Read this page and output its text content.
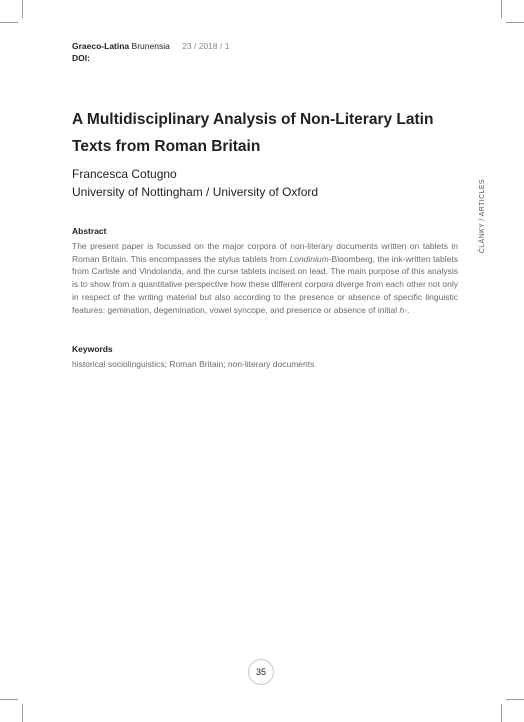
Graeco-Latina Brunensia 23 / 2018 / 1
DOI:
A Multidisciplinary Analysis of Non-Literary Latin Texts from Roman Britain
Francesca Cotugno
University of Nottingham / University of Oxford	ČLÁNKY / ARTICLES
Abstract
The present paper is focussed on the major corpora of non-literary documents written on tablets in Roman Britain. This encompasses the stylus tablets from Londinium-Bloomberg, the ink-written tablets from Carlisle and Vindolanda, and the curse tablets incised on lead. The main purpose of this analysis is to show from a quantitative perspective how these different corpora diverge from each other not only in respect of the writing material but also according to the presence or absence of specific linguistic features: gemination, degemination, vowel syncope, and presence or absence of initial h-.
Keywords
historical sociolinguistics; Roman Britain; non-literary documents
35
